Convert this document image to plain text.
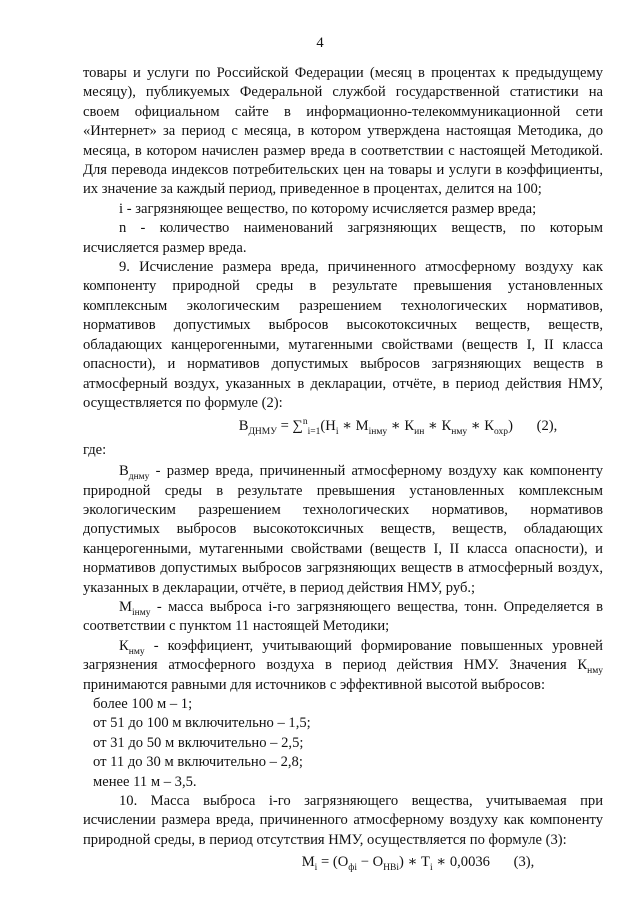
4

товары и услуги по Российской Федерации (месяц в процентах к предыдущему месяцу), публикуемых Федеральной службой государственной статистики на своем официальном сайте в информационно-телекоммуникационной сети «Интернет» за период с месяца, в котором утверждена настоящая Методика, до месяца, в котором начислен размер вреда в соответствии с настоящей Методикой. Для перевода индексов потребительских цен на товары и услуги в коэффициенты, их значение за каждый период, приведенное в процентах, делится на 100;

i - загрязняющее вещество, по которому исчисляется размер вреда;

n - количество наименований загрязняющих веществ, по которым исчисляется размер вреда.

9. Исчисление размера вреда, причиненного атмосферному воздуху как компоненту природной среды в результате превышения установленных комплексным экологическим разрешением технологических нормативов, нормативов допустимых выбросов высокотоксичных веществ, веществ, обладающих канцерогенными, мутагенными свойствами (веществ I, II класса опасности), и нормативов допустимых выбросов загрязняющих веществ в атмосферный воздух, указанных в декларации, отчёте, в период действия НМУ, осуществляется по формуле (2):

$В_{ДНМУ} = \sum^n_{i=1}(Н_i$ ∗ $М_{iнму}$ ∗ $К_{ин}$ ∗ $К_{нму}$ ∗ $К_{охр}$) (2),

где:

$В_{днму}$ - размер вреда, причиненный атмосферному воздуху как компоненту природной среды в результате превышения установленных комплексным экологическим разрешением технологических нормативов, нормативов допустимых выбросов высокотоксичных веществ, веществ, обладающих канцерогенными, мутагенными свойствами (веществ I, II класса опасности), и нормативов допустимых выбросов загрязняющих веществ в атмосферный воздух, указанных в декларации, отчёте, в период действия НМУ, руб.;

$М_{iнму}$ - масса выброса i-го загрязняющего вещества, тонн. Определяется в соответствии с пунктом 11 настоящей Методики;

$К_{нму}$ - коэффициент, учитывающий формирование повышенных уровней загрязнения атмосферного воздуха в период действия НМУ. Значения $К_{нму}$ принимаются равными для источников с эффективной высотой выбросов:

более 100 м – 1;

от 51 до 100 м включительно – 1,5;

от 31 до 50 м включительно – 2,5;

от 11 до 30 м включительно – 2,8;

менее 11 м – 3,5.

10. Масса выброса i-го загрязняющего вещества, учитываемая при исчислении размера вреда, причиненного атмосферному воздуху как компоненту природной среды, в период отсутствия НМУ, осуществляется по формуле (3):

$М_i = (О_{фi} - О_{НВi})$ ∗ $Т_i$ ∗ 0,0036 (3),
